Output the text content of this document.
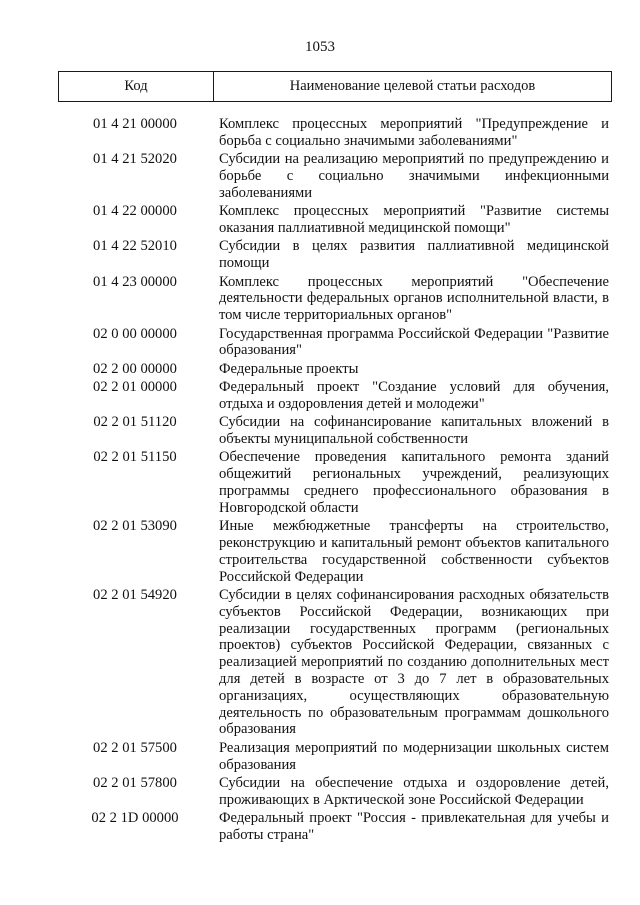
1053
Код	Наименование целевой статьи расходов
01 4 21 00000	Комплекс процессных мероприятий "Предупреждение и борьба с социально значимыми заболеваниями"
01 4 21 52020	Субсидии на реализацию мероприятий по предупреждению и борьбе с социально значимыми инфекционными заболеваниями
01 4 22 00000	Комплекс процессных мероприятий "Развитие системы оказания паллиативной медицинской помощи"
01 4 22 52010	Субсидии в целях развития паллиативной медицинской помощи
01 4 23 00000	Комплекс процессных мероприятий "Обеспечение деятельности федеральных органов исполнительной власти, в том числе территориальных органов"
02 0 00 00000	Государственная программа Российской Федерации "Развитие образования"
02 2 00 00000	Федеральные проекты
02 2 01 00000	Федеральный проект "Создание условий для обучения, отдыха и оздоровления детей и молодежи"
02 2 01 51120	Субсидии на софинансирование капитальных вложений в объекты муниципальной собственности
02 2 01 51150	Обеспечение проведения капитального ремонта зданий общежитий региональных учреждений, реализующих программы среднего профессионального образования в Новгородской области
02 2 01 53090	Иные межбюджетные трансферты на строительство, реконструкцию и капитальный ремонт объектов капитального строительства государственной собственности субъектов Российской Федерации
02 2 01 54920	Субсидии в целях софинансирования расходных обязательств субъектов Российской Федерации, возникающих при реализации государственных программ (региональных проектов) субъектов Российской Федерации, связанных с реализацией мероприятий по созданию дополнительных мест для детей в возрасте от 3 до 7 лет в образовательных организациях, осуществляющих образовательную деятельность по образовательным программам дошкольного образования
02 2 01 57500	Реализация мероприятий по модернизации школьных систем образования
02 2 01 57800	Субсидии на обеспечение отдыха и оздоровление детей, проживающих в Арктической зоне Российской Федерации
02 2 1D 00000	Федеральный проект "Россия - привлекательная для учебы и работы страна"
